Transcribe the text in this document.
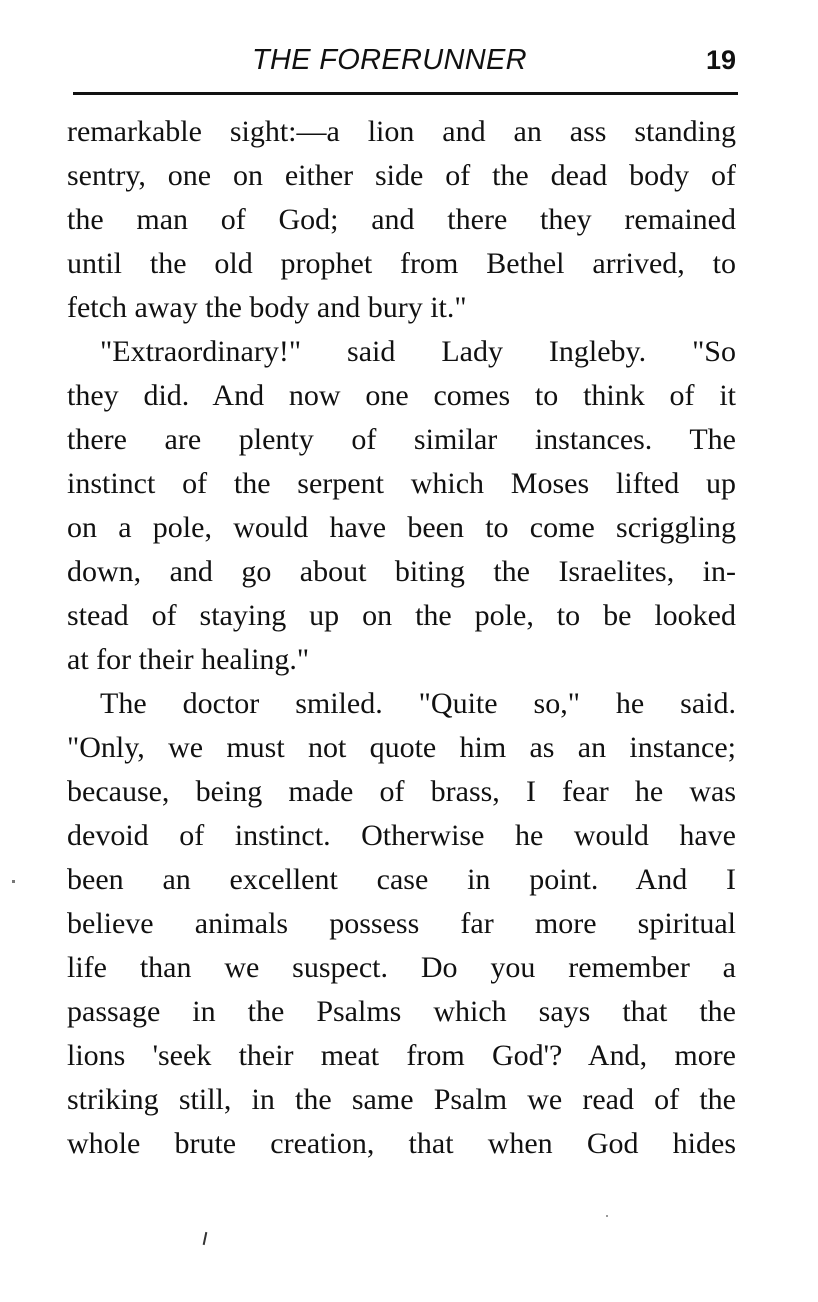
THE FORERUNNER	19
remarkable sight:—a lion and an ass standing
sentry, one on either side of the dead body of
the man of God; and there they remained
until the old prophet from Bethel arrived, to
fetch away the body and bury it."
"Extraordinary!" said Lady Ingleby. "So
they did. And now one comes to think of it
there are plenty of similar instances. The
instinct of the serpent which Moses lifted up
on a pole, would have been to come scriggling
down, and go about biting the Israelites, in-
stead of staying up on the pole, to be looked
at for their healing."
The doctor smiled. "Quite so," he said.
"Only, we must not quote him as an instance;
because, being made of brass, I fear he was
devoid of instinct. Otherwise he would have
been an excellent case in point. And I
believe animals possess far more spiritual
life than we suspect. Do you remember a
passage in the Psalms which says that the
lions 'seek their meat from God'? And, more
striking still, in the same Psalm we read of the
whole brute creation, that when God hides
